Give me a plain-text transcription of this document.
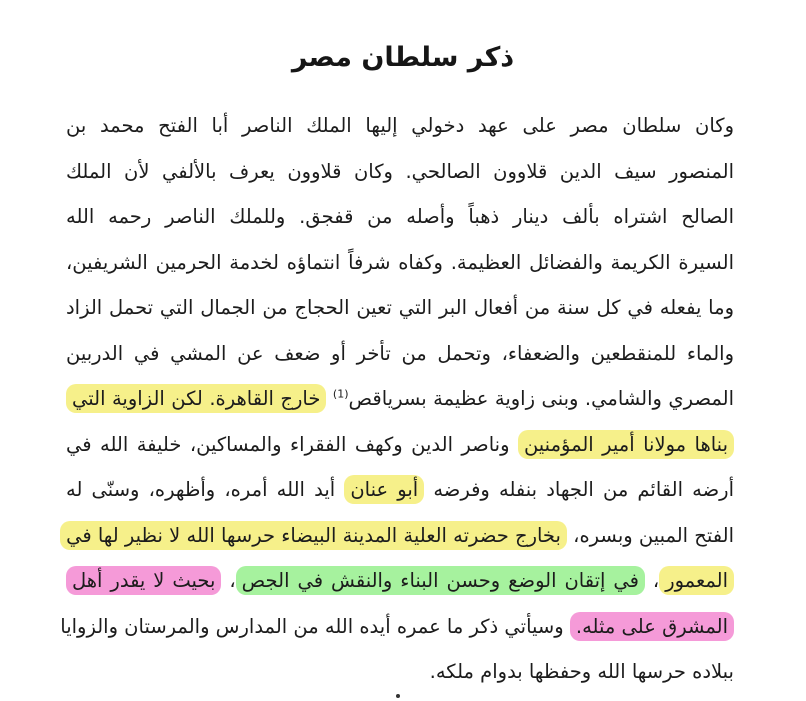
ذكر سلطان مصر
وكان سلطان مصر على عهد دخولي إليها الملك الناصر أبا الفتح محمد بن
المنصور سيف الدين قلاوون الصالحي. وكان قلاوون يعرف بالألفي لأن الملك
الصالح اشتراه بألف دينار ذهباً وأصله من قفجق. وللملك الناصر رحمه الله
السيرة الكريمة والفضائل العظيمة. وكفاه شرفاً انتماؤه لخدمة الحرمين الشريفين،
وما يفعله في كل سنة من أفعال البر التي تعين الحجاج من الجمال التي تحمل الزاد
والماء للمنقطعين والضعفاء، وتحمل من تأخر أو ضعف عن المشي في الدربين
المصري والشامي. وبنى زاوية عظيمة بسرياقص$^{(1)}$ خارج القاهرة. لكن الزاوية التي
بناها مولانا أمير المؤمنين وناصر الدين وكهف الفقراء والمساكين، خليفة الله في
أرضه القائم من الجهاد بنفله وفرضه أبو عنان أيد الله أمره، وأظهره، وسنّى له
الفتح المبين وبسره، بخارج حضرته العلية المدينة البيضاء حرسها الله لا نظير لها في
المعمور، في إتقان الوضع وحسن البناء والنقش في الجص، بحيث لا يقدر أهل
المشرق على مثله. وسيأتي ذكر ما عمره أيده الله من المدارس والمرستان والزوايا
ببلاده حرسها الله وحفظها بدوام ملكه.
